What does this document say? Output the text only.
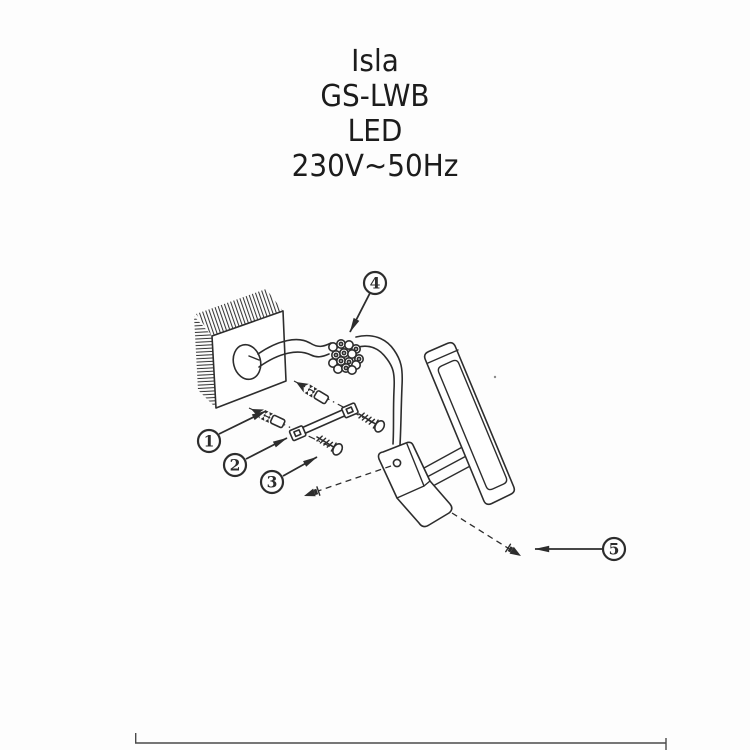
Isla
GS-LWB
LED
230V~50Hz
1
2
3
4
5
